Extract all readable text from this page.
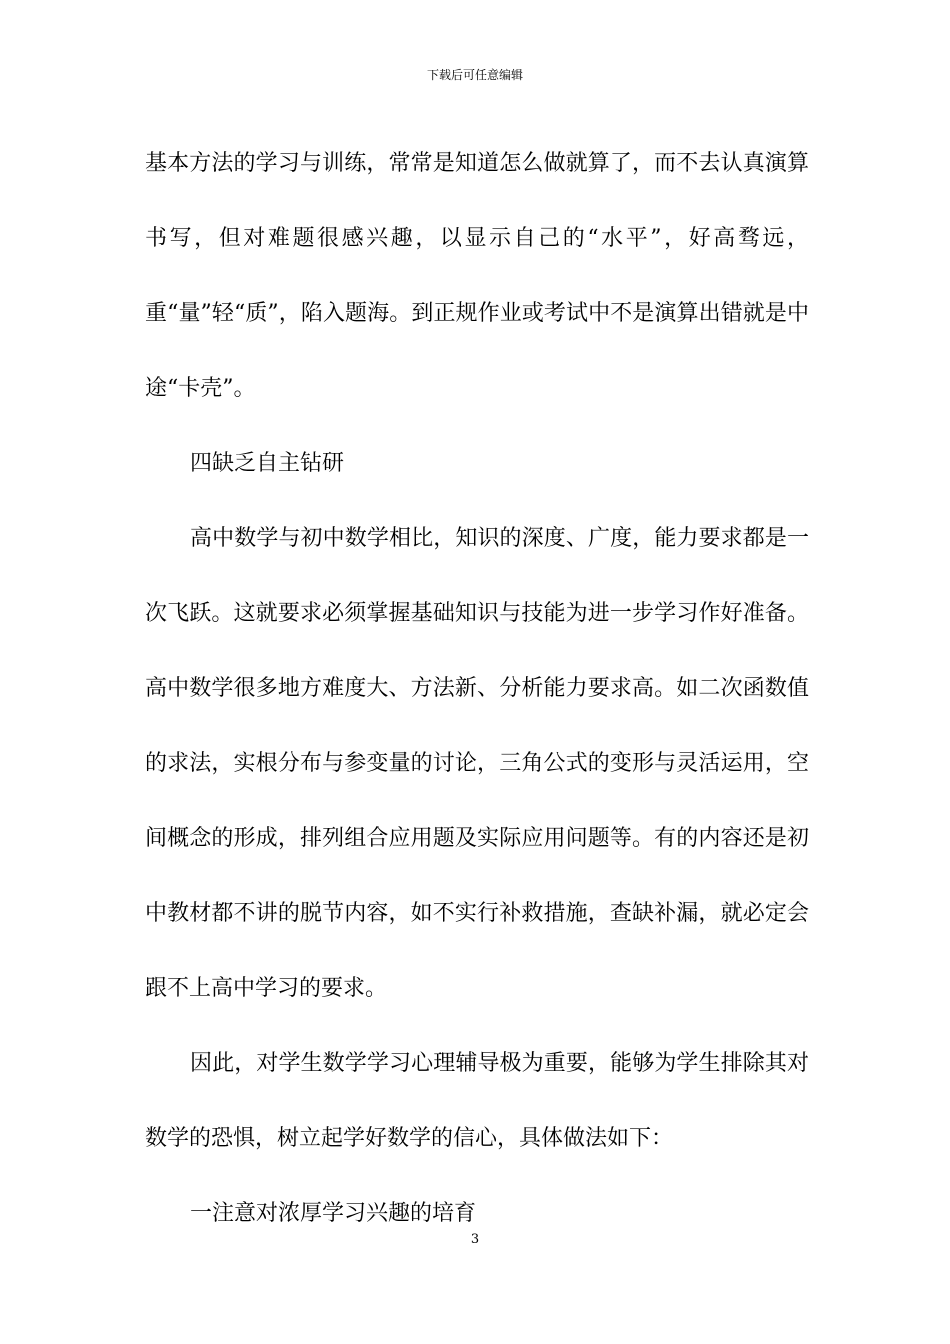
下载后可任意编辑

基本方法的学习与训练，常常是知道怎么做就算了，而不去认真演算书写，但对难题很感兴趣，以显示自己的“水平”，好高骛远，重“量”轻“质”，陷入题海。到正规作业或考试中不是演算出错就是中途“卡壳”。

四缺乏自主钻研

高中数学与初中数学相比，知识的深度、广度，能力要求都是一次飞跃。这就要求必须掌握基础知识与技能为进一步学习作好准备。高中数学很多地方难度大、方法新、分析能力要求高。如二次函数值的求法，实根分布与参变量的讨论，三角公式的变形与灵活运用，空间概念的形成，排列组合应用题及实际应用问题等。有的内容还是初中教材都不讲的脱节内容，如不实行补救措施，查缺补漏，就必定会跟不上高中学习的要求。

因此，对学生数学学习心理辅导极为重要，能够为学生排除其对数学的恐惧，树立起学好数学的信心，具体做法如下：

一注意对浓厚学习兴趣的培育

3
